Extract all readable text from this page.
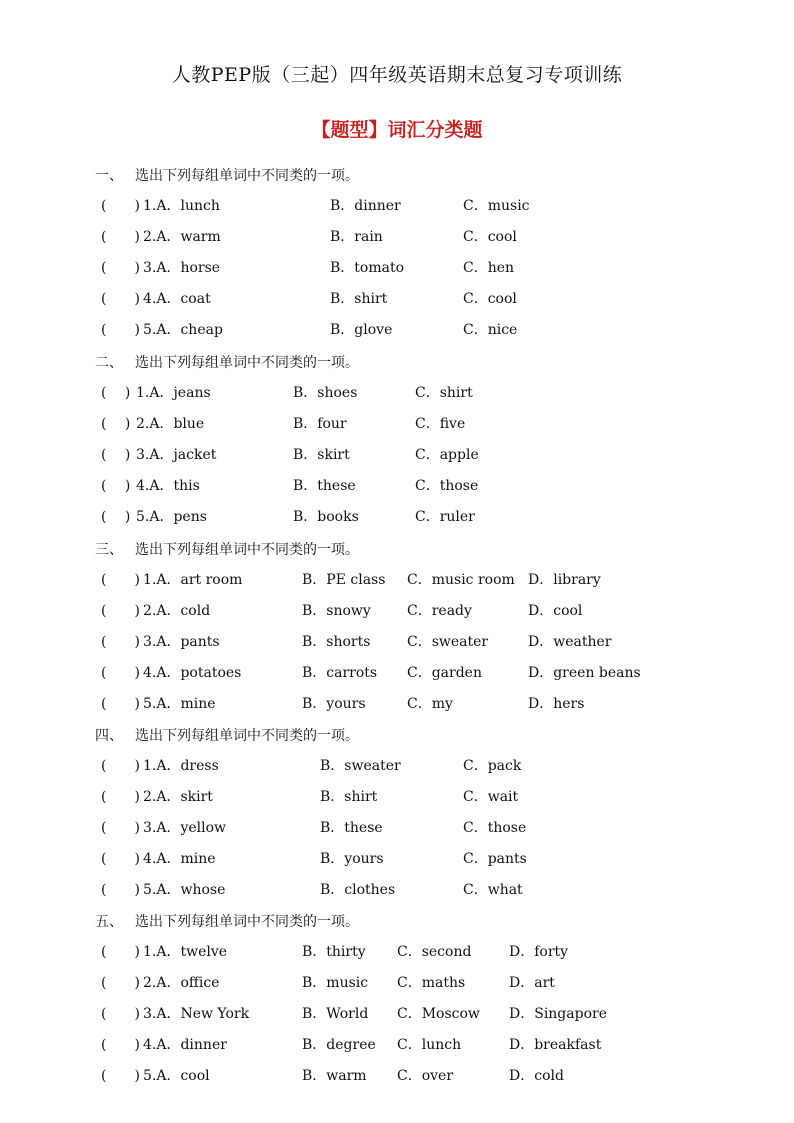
人教PEP版（三起）四年级英语期末总复习专项训练
【题型】词汇分类题
一、 选出下列每组单词中不同类的一项。
(　　) 1.A．lunch	B．dinner	C．music
(　　) 2.A．warm	B．rain	C．cool
(　　) 3.A．horse	B．tomato	C．hen
(　　) 4.A．coat	B．shirt	C．cool
(　　) 5.A．cheap	B．glove	C．nice
二、 选出下列每组单词中不同类的一项。
(　 ) 1.A．jeans	B．shoes	C．shirt
(　 ) 2.A．blue	B．four	C．five
(　 ) 3.A．jacket	B．skirt	C．apple
(　 ) 4.A．this	B．these	C．those
(　 ) 5.A．pens	B．books	C．ruler
三、 选出下列每组单词中不同类的一项。
(　　) 1.A．art room	B．PE class C．music room D．library
(　　) 2.A．cold	B．snowy	C．ready	D．cool
(　　) 3.A．pants	B．shorts	C．sweater	D．weather
(　　) 4.A．potatoes	B．carrots C．garden	D．green beans
(　　) 5.A．mine	B．yours	C．my	D．hers
四、 选出下列每组单词中不同类的一项。
(　　) 1.A．dress	B．sweater	C．pack
(　　) 2.A．skirt	B．shirt	C．wait
(　　) 3.A．yellow	B．these	C．those
(　　) 4.A．mine	B．yours	C．pants
(　　) 5.A．whose	B．clothes	C．what
五、 选出下列每组单词中不同类的一项。
(　　) 1.A．twelve	B．thirty C．second	D．forty
(　　) 2.A．office	B．music C．maths	D．art
(　　) 3.A．New York	B．World C．Moscow D．Singapore
(　　) 4.A．dinner	B．degree C．lunch	D．breakfast
(　　) 5.A．cool	B．warm C．over	D．cold
